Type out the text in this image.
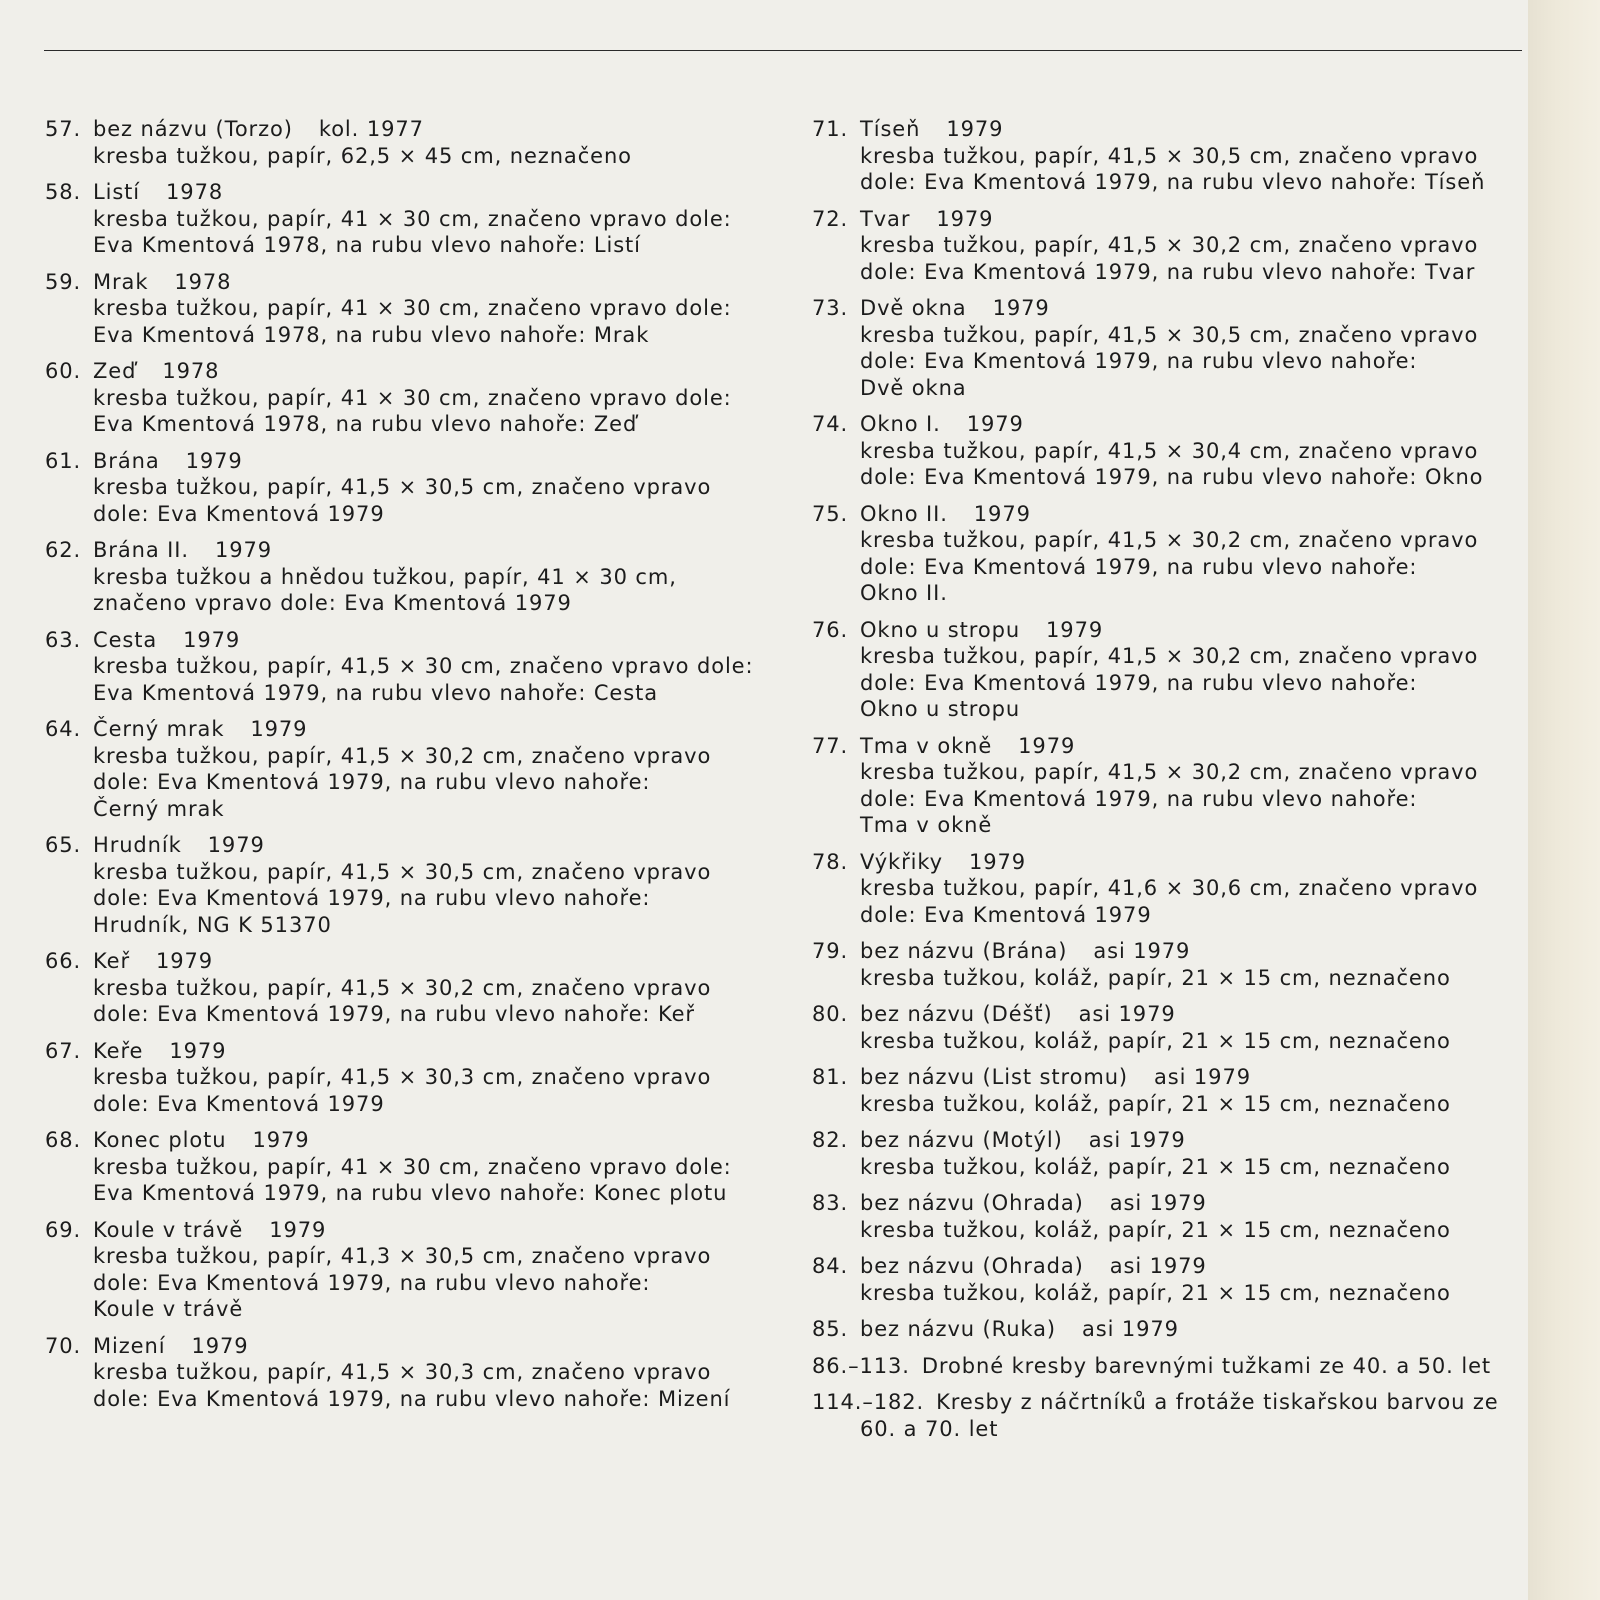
57. bez názvu (Torzo) kol. 1977
kresba tužkou, papír, 62,5 × 45 cm, neznačeno
58. Listí 1978
kresba tužkou, papír, 41 × 30 cm, značeno vpravo dole:
Eva Kmentová 1978, na rubu vlevo nahoře: Listí
59. Mrak 1978
kresba tužkou, papír, 41 × 30 cm, značeno vpravo dole:
Eva Kmentová 1978, na rubu vlevo nahoře: Mrak
60. Zeď 1978
kresba tužkou, papír, 41 × 30 cm, značeno vpravo dole:
Eva Kmentová 1978, na rubu vlevo nahoře: Zeď
61. Brána 1979
kresba tužkou, papír, 41,5 × 30,5 cm, značeno vpravo
dole: Eva Kmentová 1979
62. Brána II. 1979
kresba tužkou a hnědou tužkou, papír, 41 × 30 cm,
značeno vpravo dole: Eva Kmentová 1979
63. Cesta 1979
kresba tužkou, papír, 41,5 × 30 cm, značeno vpravo dole:
Eva Kmentová 1979, na rubu vlevo nahoře: Cesta
64. Černý mrak 1979
kresba tužkou, papír, 41,5 × 30,2 cm, značeno vpravo
dole: Eva Kmentová 1979, na rubu vlevo nahoře:
Černý mrak
65. Hrudník 1979
kresba tužkou, papír, 41,5 × 30,5 cm, značeno vpravo
dole: Eva Kmentová 1979, na rubu vlevo nahoře:
Hrudník, NG K 51370
66. Keř 1979
kresba tužkou, papír, 41,5 × 30,2 cm, značeno vpravo
dole: Eva Kmentová 1979, na rubu vlevo nahoře: Keř
67. Keře 1979
kresba tužkou, papír, 41,5 × 30,3 cm, značeno vpravo
dole: Eva Kmentová 1979
68. Konec plotu 1979
kresba tužkou, papír, 41 × 30 cm, značeno vpravo dole:
Eva Kmentová 1979, na rubu vlevo nahoře: Konec plotu
69. Koule v trávě 1979
kresba tužkou, papír, 41,3 × 30,5 cm, značeno vpravo
dole: Eva Kmentová 1979, na rubu vlevo nahoře:
Koule v trávě
70. Mizení 1979
kresba tužkou, papír, 41,5 × 30,3 cm, značeno vpravo
dole: Eva Kmentová 1979, na rubu vlevo nahoře: Mizení
71. Tíseň 1979
kresba tužkou, papír, 41,5 × 30,5 cm, značeno vpravo
dole: Eva Kmentová 1979, na rubu vlevo nahoře: Tíseň
72. Tvar 1979
kresba tužkou, papír, 41,5 × 30,2 cm, značeno vpravo
dole: Eva Kmentová 1979, na rubu vlevo nahoře: Tvar
73. Dvě okna 1979
kresba tužkou, papír, 41,5 × 30,5 cm, značeno vpravo
dole: Eva Kmentová 1979, na rubu vlevo nahoře:
Dvě okna
74. Okno I. 1979
kresba tužkou, papír, 41,5 × 30,4 cm, značeno vpravo
dole: Eva Kmentová 1979, na rubu vlevo nahoře: Okno
75. Okno II. 1979
kresba tužkou, papír, 41,5 × 30,2 cm, značeno vpravo
dole: Eva Kmentová 1979, na rubu vlevo nahoře:
Okno II.
76. Okno u stropu 1979
kresba tužkou, papír, 41,5 × 30,2 cm, značeno vpravo
dole: Eva Kmentová 1979, na rubu vlevo nahoře:
Okno u stropu
77. Tma v okně 1979
kresba tužkou, papír, 41,5 × 30,2 cm, značeno vpravo
dole: Eva Kmentová 1979, na rubu vlevo nahoře:
Tma v okně
78. Výkřiky 1979
kresba tužkou, papír, 41,6 × 30,6 cm, značeno vpravo
dole: Eva Kmentová 1979
79. bez názvu (Brána) asi 1979
kresba tužkou, koláž, papír, 21 × 15 cm, neznačeno
80. bez názvu (Déšť) asi 1979
kresba tužkou, koláž, papír, 21 × 15 cm, neznačeno
81. bez názvu (List stromu) asi 1979
kresba tužkou, koláž, papír, 21 × 15 cm, neznačeno
82. bez názvu (Motýl) asi 1979
kresba tužkou, koláž, papír, 21 × 15 cm, neznačeno
83. bez názvu (Ohrada) asi 1979
kresba tužkou, koláž, papír, 21 × 15 cm, neznačeno
84. bez názvu (Ohrada) asi 1979
kresba tužkou, koláž, papír, 21 × 15 cm, neznačeno
85. bez názvu (Ruka) asi 1979
86.–113. Drobné kresby barevnými tužkami ze 40. a 50. let
114.–182. Kresby z náčrtníků a frotáže tiskařskou barvou ze
60. a 70. let
